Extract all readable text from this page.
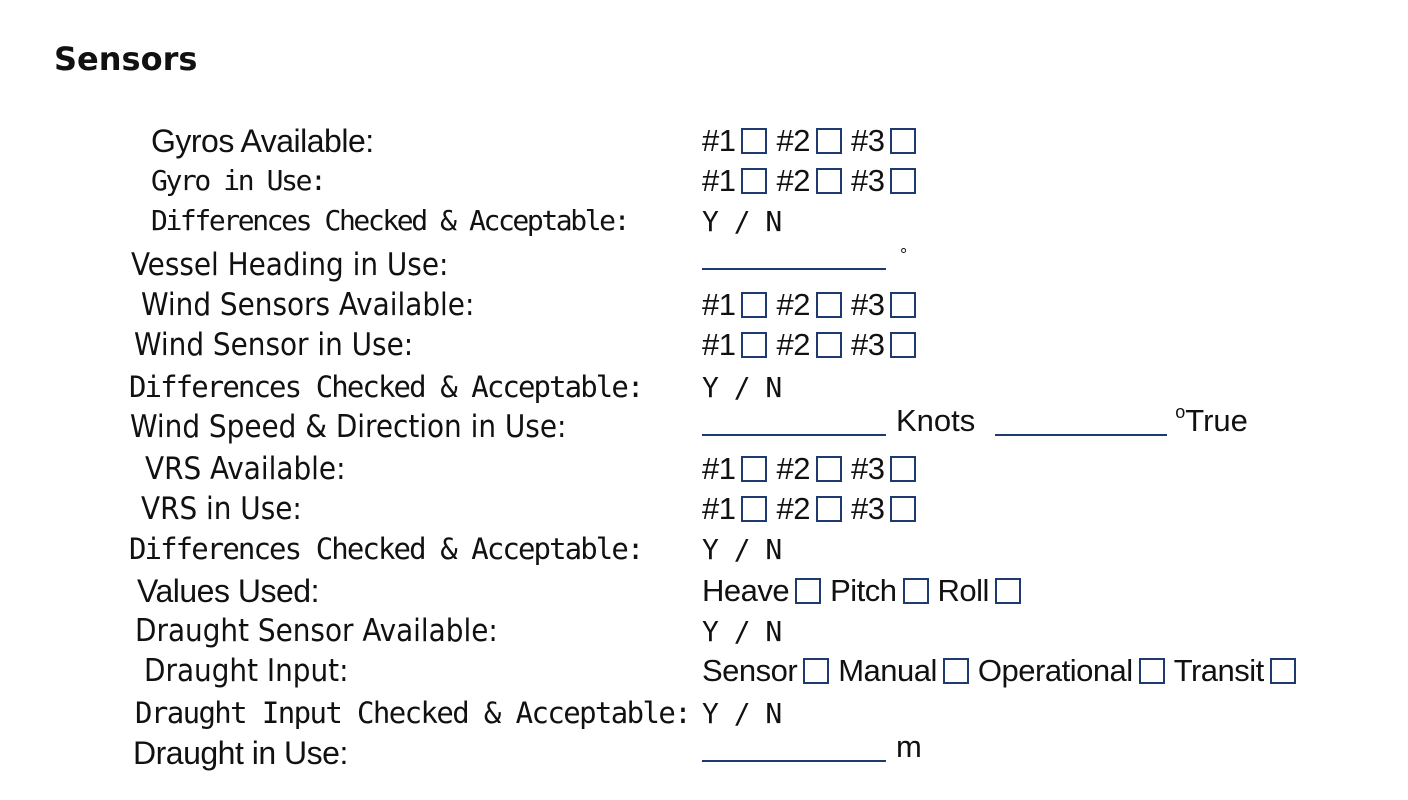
Sensors
Gyros Available:	#1 #2 #3
Gyro in Use:	#1 #2 #3
Differences Checked & Acceptable:	Y / N
Vessel Heading in Use:	°
Wind Sensors Available:	#1 #2 #3
Wind Sensor in Use:	#1 #2 #3
Differences Checked & Acceptable: Y / N
Wind Speed & Direction in Use:	Knots	o True
VRS Available:	#1 #2 #3
VRS in Use:	#1 #2 #3
Differences Checked & Acceptable: Y / N
Values Used:	Heave Pitch Roll
Draught Sensor Available:	Y / N
Draught Input:	Sensor Manual Operational Transit
Draught Input Checked & Acceptable: Y / N
Draught in Use:	m
